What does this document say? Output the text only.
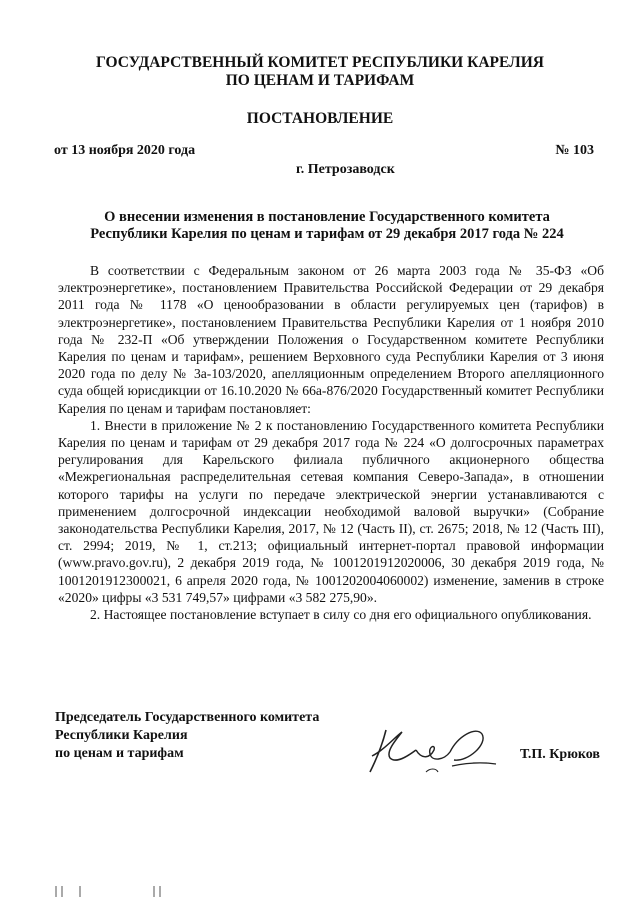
ГОСУДАРСТВЕННЫЙ КОМИТЕТ РЕСПУБЛИКИ КАРЕЛИЯ
ПО ЦЕНАМ И ТАРИФАМ
ПОСТАНОВЛЕНИЕ
от 13 ноября 2020 года	№ 103
г. Петрозаводск
О внесении изменения в постановление Государственного комитета
Республики Карелия по ценам и тарифам от 29 декабря 2017 года № 224

В соответствии с Федеральным законом от 26 марта 2003 года № 35-ФЗ «Об электроэнергетике», постановлением Правительства Российской Федерации от 29 декабря 2011 года № 1178 «О ценообразовании в области регулируемых цен (тарифов) в электроэнергетике», постановлением Правительства Республики Карелия от 1 ноября 2010 года № 232-П «Об утверждении Положения о Государственном комитете Республики Карелия по ценам и тарифам», решением Верховного суда Республики Карелия от 3 июня 2020 года по делу № 3а-103/2020, апелляционным определением Второго апелляционного суда общей юрисдикции от 16.10.2020 № 66а-876/2020 Государственный комитет Республики Карелия по ценам и тарифам постановляет:

1. Внести в приложение № 2 к постановлению Государственного комитета Республики Карелия по ценам и тарифам от 29 декабря 2017 года № 224 «О долгосрочных параметрах регулирования для Карельского филиала публичного акционерного общества «Межрегиональная распределительная сетевая компания Северо-Запада», в отношении которого тарифы на услуги по передаче электрической энергии устанавливаются с применением долгосрочной индексации необходимой валовой выручки» (Собрание законодательства Республики Карелия, 2017, № 12 (Часть II), ст. 2675; 2018, № 12 (Часть III), ст. 2994; 2019, № 1, ст.213; официальный интернет-портал правовой информации (www.pravo.gov.ru), 2 декабря 2019 года, № 1001201912020006, 30 декабря 2019 года, № 1001201912300021, 6 апреля 2020 года, № 1001202004060002) изменение, заменив в строке «2020» цифры «3 531 749,57» цифрами «3 582 275,90».

2. Настоящее постановление вступает в силу со дня его официального опубликования.

Председатель Государственного комитета
Республики Карелия
по ценам и тарифам	Т.П. Крюков
